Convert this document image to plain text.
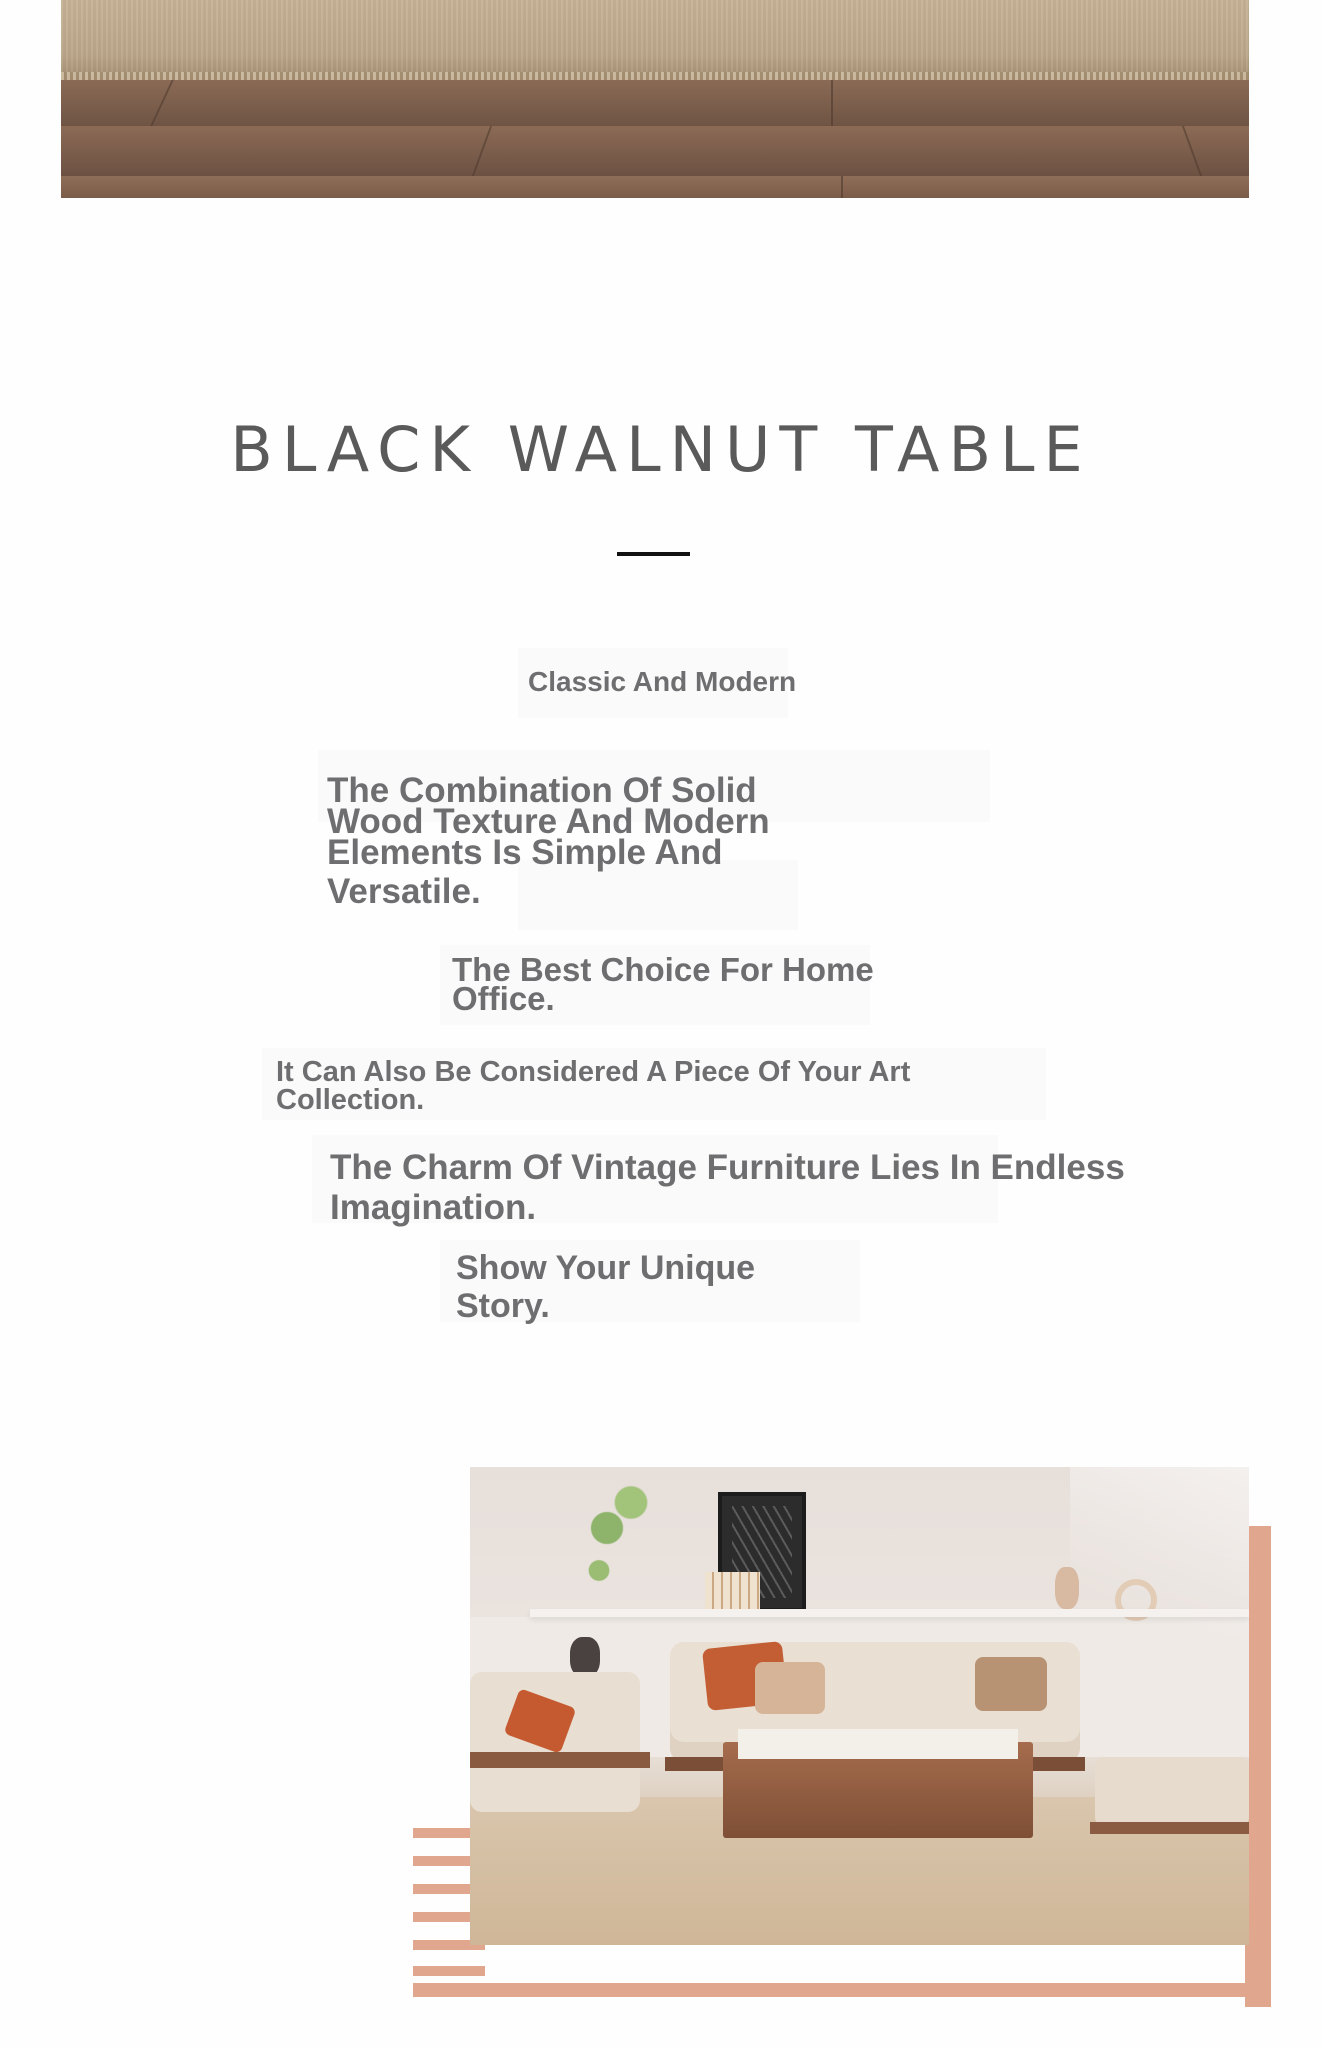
BLACK WALNUT TABLE
Classic And Modern
The Combination Of Solid Wood Texture And Modern Elements Is Simple And
Versatile.
The Best Choice For Home Office.
It Can Also Be Considered A Piece Of Your Art Collection.
The Charm Of Vintage Furniture Lies In Endless Imagination.
Show Your Unique Story.
